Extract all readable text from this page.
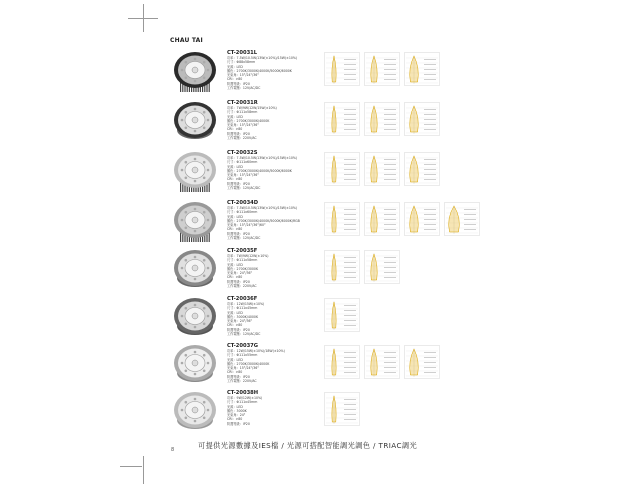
CHAU TAI
CT-20031L
功率：7.5W/10.5W/13W(±10%)/15W(±10%)
尺寸：Φ88x58mm
光源：LED
顏色：2700K/3000K/4000K/5000K/6000K
光束角：15°/24°/36°
CRI：>80
防護等級：IP20
工作電壓：12V/AC/DC
CT-20031R
功率：7W/9W/12W/15W(±10%)
尺寸：Φ111x58mm
光源：LED
顏色：2700K/3000K/4000K
光束角：15°/24°/36°
CRI：>80
防護等級：IP20
工作電壓：220V/AC
CT-20032S
功率：7.5W/10.5W/13W(±10%)/15W(±10%)
尺寸：Φ111x60mm
光源：LED
顏色：2700K/3000K/4000K/5000K/6000K
光束角：15°/24°/36°
CRI：>80
防護等級：IP20
工作電壓：12V/AC/DC
CT-20034D
功率：7.5W/10.5W/13W(±10%)/15W(±10%)
尺寸：Φ111x60mm
光源：LED
顏色：2700K/3000K/4000K/5000K/6000K/RGB
光束角：15°/24°/36°/60°
CRI：>80
防護等級：IP20
工作電壓：12V/AC/DC
CT-20035F
功率：7W/9W/12W(±10%)
尺寸：Φ111x58mm
光源：LED
顏色：2700K/3000K
光束角：24°/36°
CRI：>80
防護等級：IP20
工作電壓：220V/AC
CT-20036F
功率：12W/15W(±10%)
尺寸：Φ111x45mm
光源：LED
顏色：3000K/4000K
光束角：24°/36°
CRI：>80
防護等級：IP20
工作電壓：12V/AC/DC
CT-20037G
功率：12W/15W(±10%)/18W(±10%)
尺寸：Φ111x55mm
光源：LED
顏色：2700K/3000K/4000K
光束角：15°/24°/36°
CRI：>80
防護等級：IP20
工作電壓：220V/AC
CT-20038H
功率：9W/12W(±10%)
尺寸：Φ111x45mm
光源：LED
顏色：3000K
光束角：24°
CRI：>80
防護等級：IP20
8	可提供光源數據及IES檔 / 光源可搭配智能調光調色 / TRIAC調光
